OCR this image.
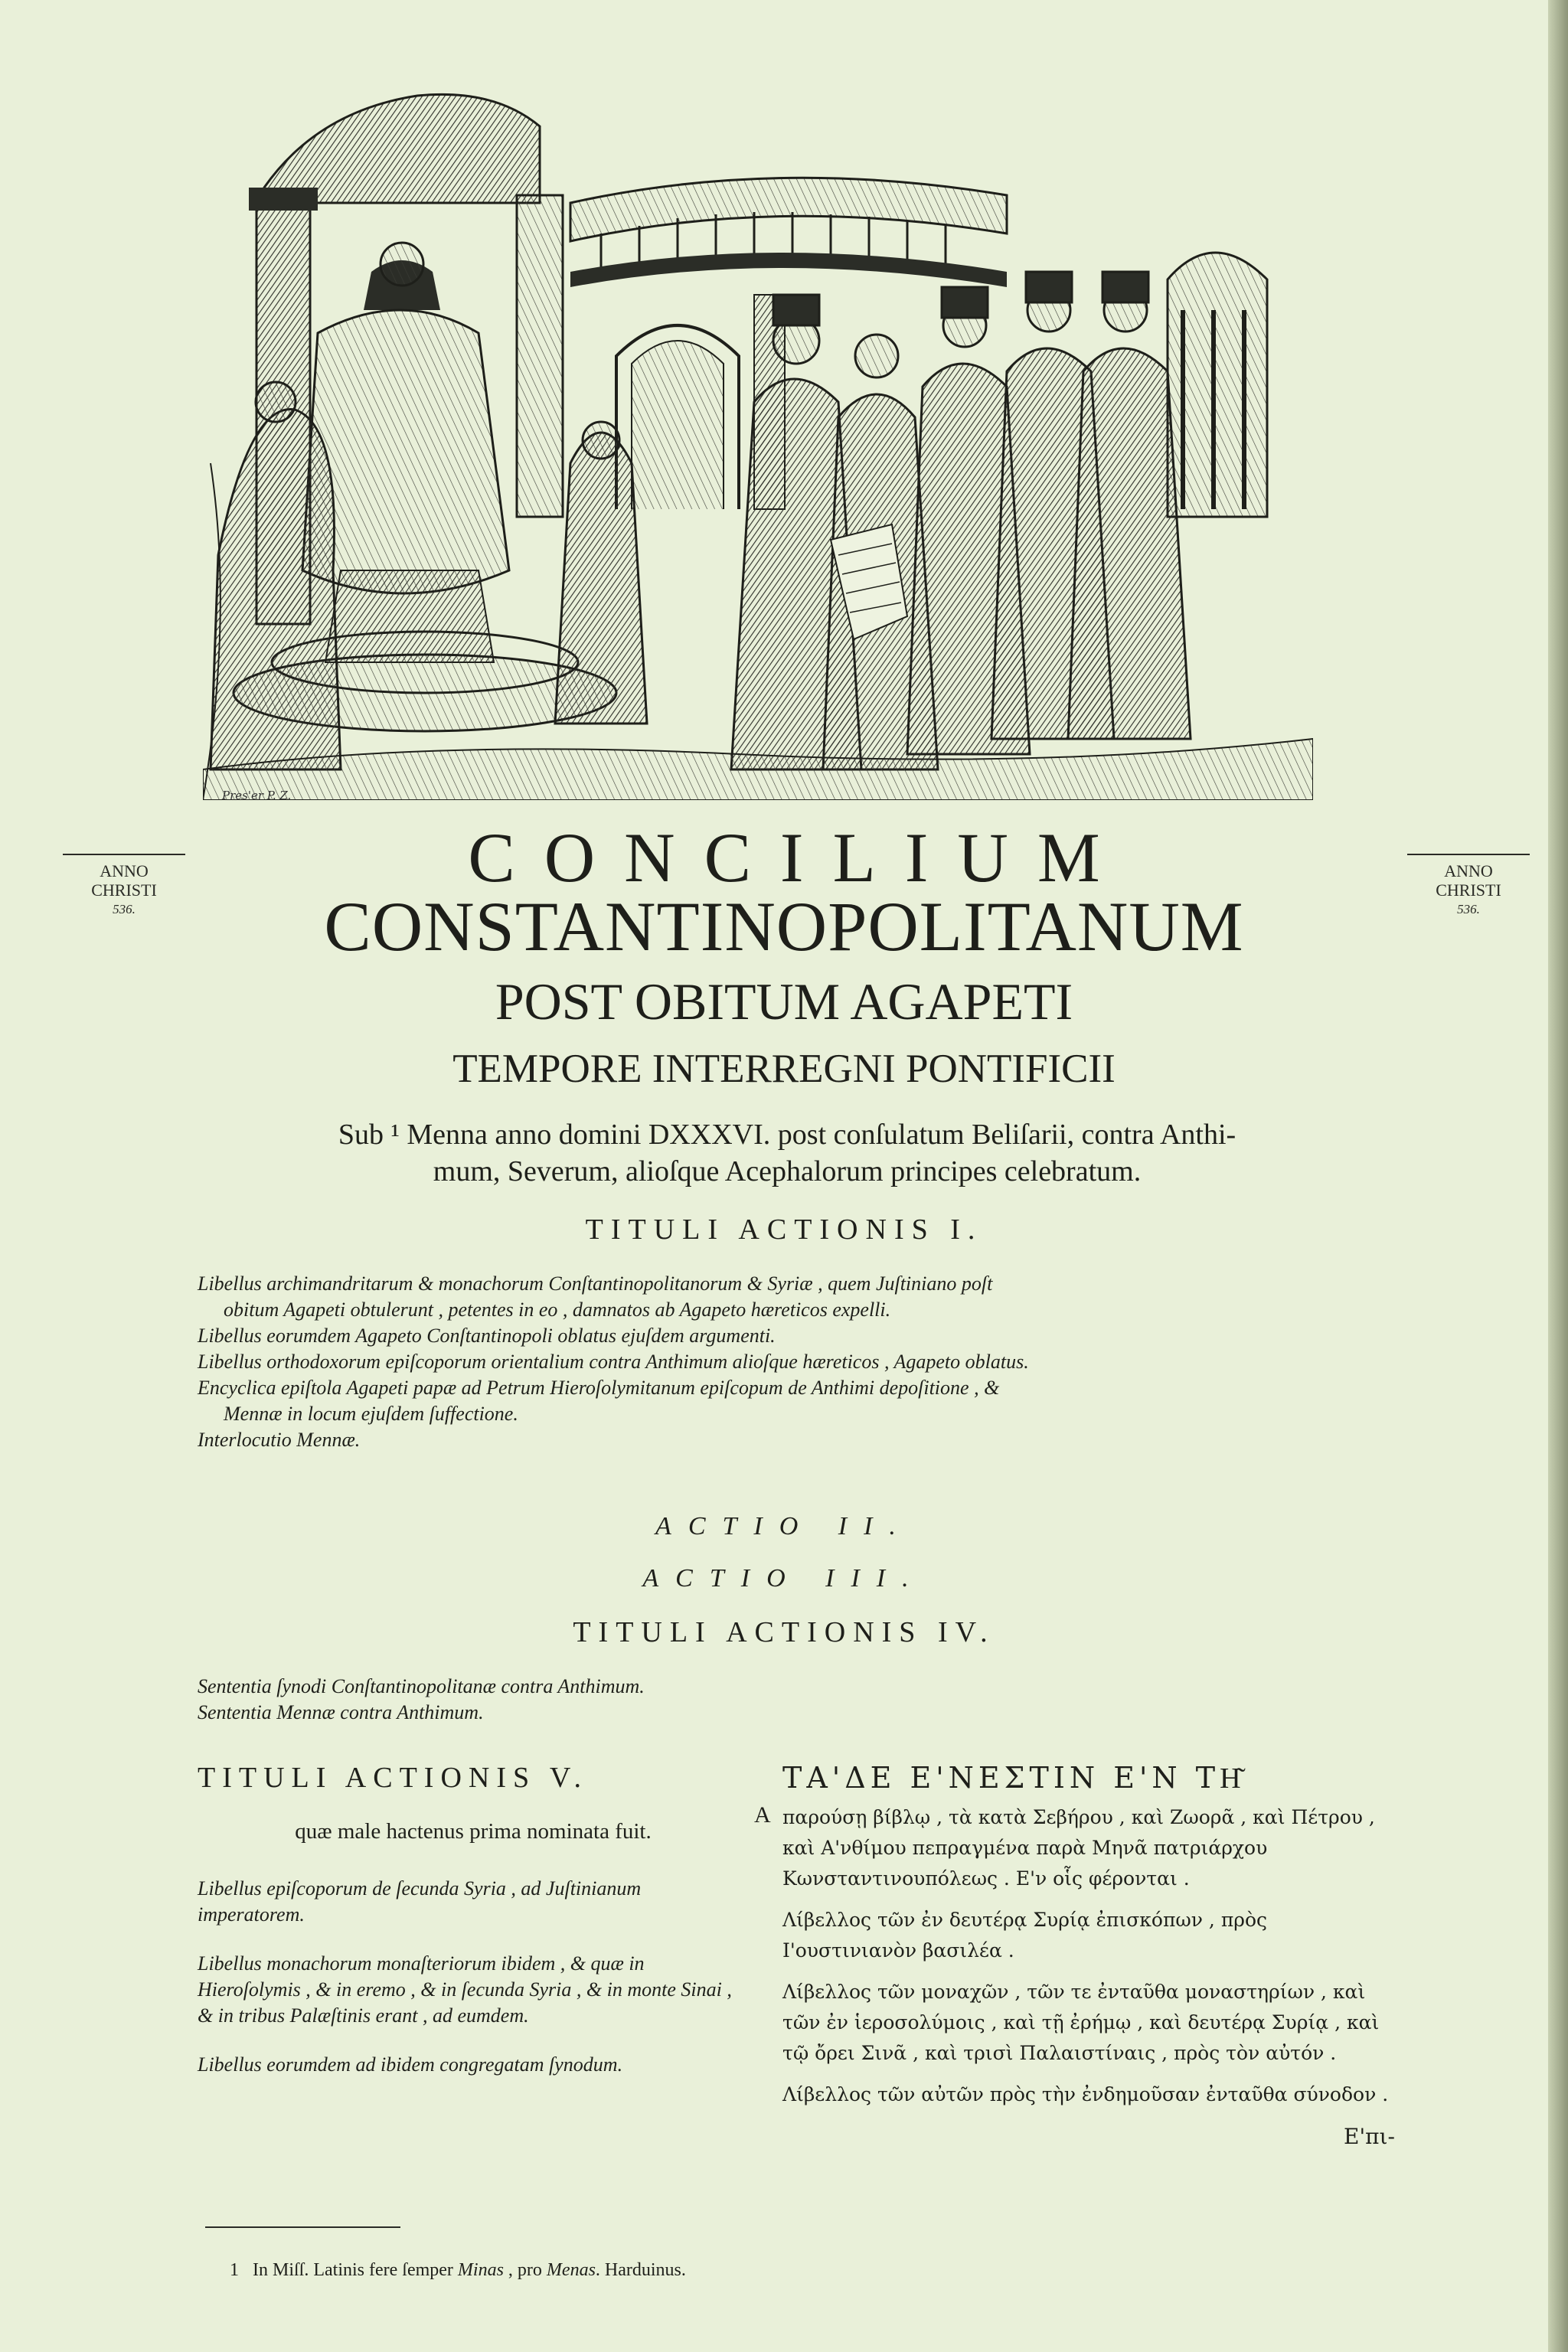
Pres'er P. Z.
ANNO
CHRISTI
536.
ANNO
CHRISTI
536.
CONCILIUM
CONSTANTINOPOLITANUM
POST OBITUM AGAPETI
TEMPORE INTERREGNI PONTIFICII
Sub ¹ Menna anno domini DXXXVI. post conſulatum Beliſarii, contra Anthi-
mum, Severum, alioſque Acephalorum principes celebratum.
TITULI ACTIONIS I.

Libellus archimandritarum & monachorum Conſtantinopolitanorum & Syriæ , quem Juſtiniano poſt
obitum Agapeti obtulerunt , petentes in eo , damnatos ab Agapeto hæreticos expelli.

Libellus eorumdem Agapeto Conſtantinopoli oblatus ejuſdem argumenti.

Libellus orthodoxorum epiſcoporum orientalium contra Anthimum alioſque hæreticos , Agapeto oblatus.

Encyclica epiſtola Agapeti papæ ad Petrum Hieroſolymitanum epiſcopum de Anthimi depoſitione , &
Mennæ in locum ejuſdem ſuffectione.

Interlocutio Mennæ.

ACTIO II.
ACTIO III.
TITULI ACTIONIS IV.

Sententia ſynodi Conſtantinopolitanæ contra Anthimum.

Sententia Mennæ contra Anthimum.

TITULI ACTIONIS V.
quæ male hactenus prima nominata fuit.

Libellus epiſcoporum de ſecunda Syria , ad Juſtinianum imperatorem.

Libellus monachorum monaſteriorum ibidem , & quæ in Hieroſolymis , & in eremo , & in ſecunda Syria , & in monte Sinai , & in tribus Palæſtinis erant , ad eumdem.

Libellus eorumdem ad ibidem congregatam ſynodum.

A
ΤΑ'ΔΕ Ε'ΝΕΣΤΙΝ Ε'Ν ΤΗ͂

παρούσῃ βίβλῳ , τὰ κατὰ Σεβήρου , καὶ Ζωορᾶ , καὶ Πέτρου , καὶ Α'νθίμου πεπραγμένα παρὰ Μηνᾶ πατριάρχου Κωνσταντινουπόλεως . Ε'ν οἷς φέρονται .

Λίβελλος τῶν ἐν δευτέρᾳ Συρίᾳ ἐπισκόπων , πρὸς Ι'ουστινιανὸν βασιλέα .

Λίβελλος τῶν μοναχῶν , τῶν τε ἐνταῦθα μοναστηρίων , καὶ τῶν ἐν ἱεροσολύμοις , καὶ τῇ ἐρήμῳ , καὶ δευτέρᾳ Συρίᾳ , καὶ τῷ ὄρει Σινᾶ , καὶ τρισὶ Παλαιστίναις , πρὸς τὸν αὐτόν .

Λίβελλος τῶν αὐτῶν πρὸς τὴν ἐνδημοῦσαν ἐνταῦθα σύνοδον .

Ε'πι-
1 In Miſſ. Latinis fere ſemper Minas , pro Menas. Harduinus.
